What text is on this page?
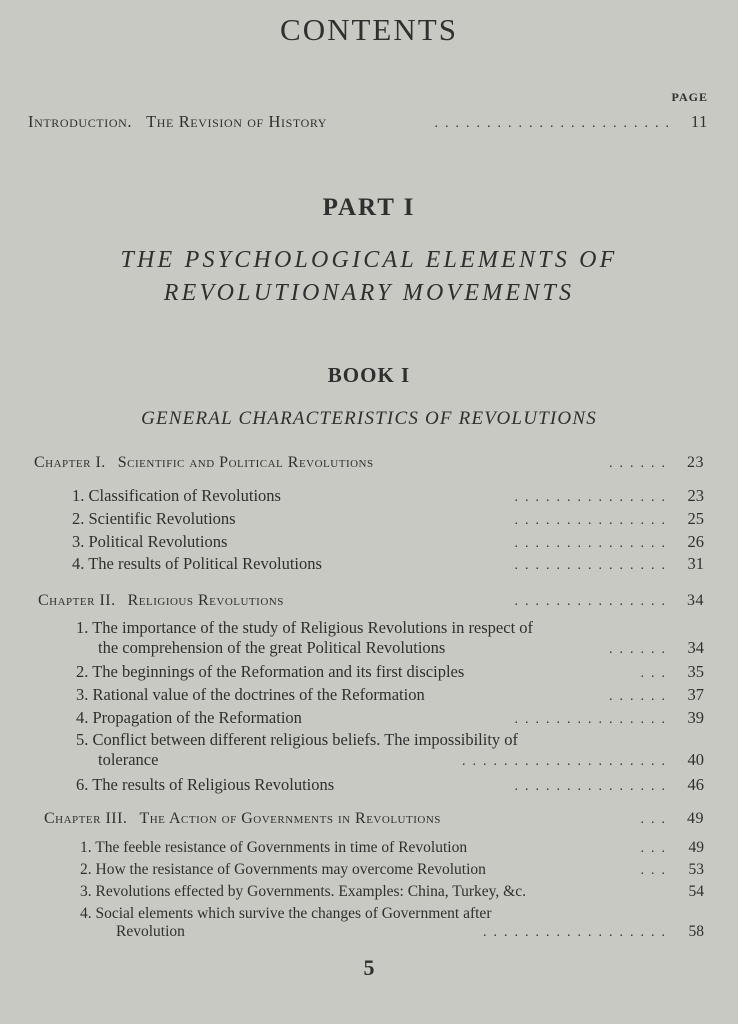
CONTENTS
PAGE
Introduction. The Revision of History	....................... 11
PART I
THE PSYCHOLOGICAL ELEMENTS OF
REVOLUTIONARY MOVEMENTS
BOOK I
GENERAL CHARACTERISTICS OF REVOLUTIONS
Chapter I. Scientific and Political Revolutions	...... 23
1. Classification of Revolutions	............... 23
2. Scientific Revolutions	............... 25
3. Political Revolutions	............... 26
4. The results of Political Revolutions	............... 31
Chapter II. Religious Revolutions	............... 34
1. The importance of the study of Religious Revolutions in respect of
the comprehension of the great Political Revolutions	...... 34
2. The beginnings of the Reformation and its first disciples	... 35
3. Rational value of the doctrines of the Reformation	...... 37
4. Propagation of the Reformation	............... 39
5. Conflict between different religious beliefs. The impossibility of
tolerance	.................... 40
6. The results of Religious Revolutions	............... 46
Chapter III. The Action of Governments in Revolutions	... 49
1. The feeble resistance of Governments in time of Revolution	...	49
2. How the resistance of Governments may overcome Revolution	...	53
3. Revolutions effected by Governments. Examples: China, Turkey, &c.	54
4. Social elements which survive the changes of Government after
Revolution	..................	58
5
